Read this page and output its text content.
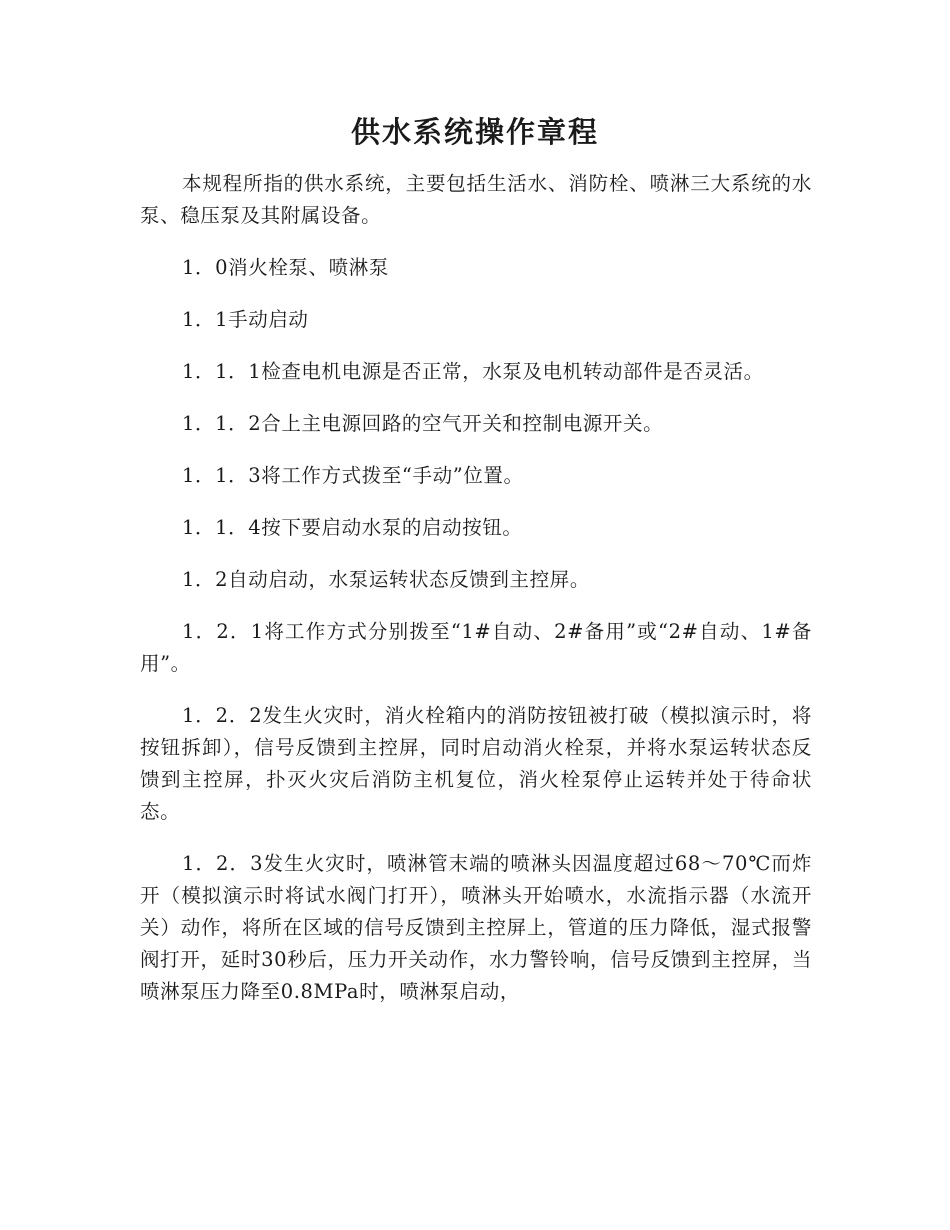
供水系统操作章程

本规程所指的供水系统，主要包括生活水、消防栓、喷淋三大系统的水泵、稳压泵及其附属设备。

1．0消火栓泵、喷淋泵

1．1手动启动

1．1．1检查电机电源是否正常，水泵及电机转动部件是否灵活。

1．1．2合上主电源回路的空气开关和控制电源开关。

1．1．3将工作方式拨至“手动”位置。

1．1．4按下要启动水泵的启动按钮。

1．2自动启动，水泵运转状态反馈到主控屏。

1．2．1将工作方式分别拨至“1#自动、2#备用”或“2#自动、1#备用”。

1．2．2发生火灾时，消火栓箱内的消防按钮被打破（模拟演示时，将按钮拆卸），信号反馈到主控屏，同时启动消火栓泵，并将水泵运转状态反馈到主控屏，扑灭火灾后消防主机复位，消火栓泵停止运转并处于待命状态。

1．2．3发生火灾时，喷淋管末端的喷淋头因温度超过68～70℃而炸开（模拟演示时将试水阀门打开），喷淋头开始喷水，水流指示器（水流开关）动作，将所在区域的信号反馈到主控屏上，管道的压力降低，湿式报警阀打开，延时30秒后，压力开关动作，水力警铃响，信号反馈到主控屏，当喷淋泵压力降至0.8MPa时，喷淋泵启动，
